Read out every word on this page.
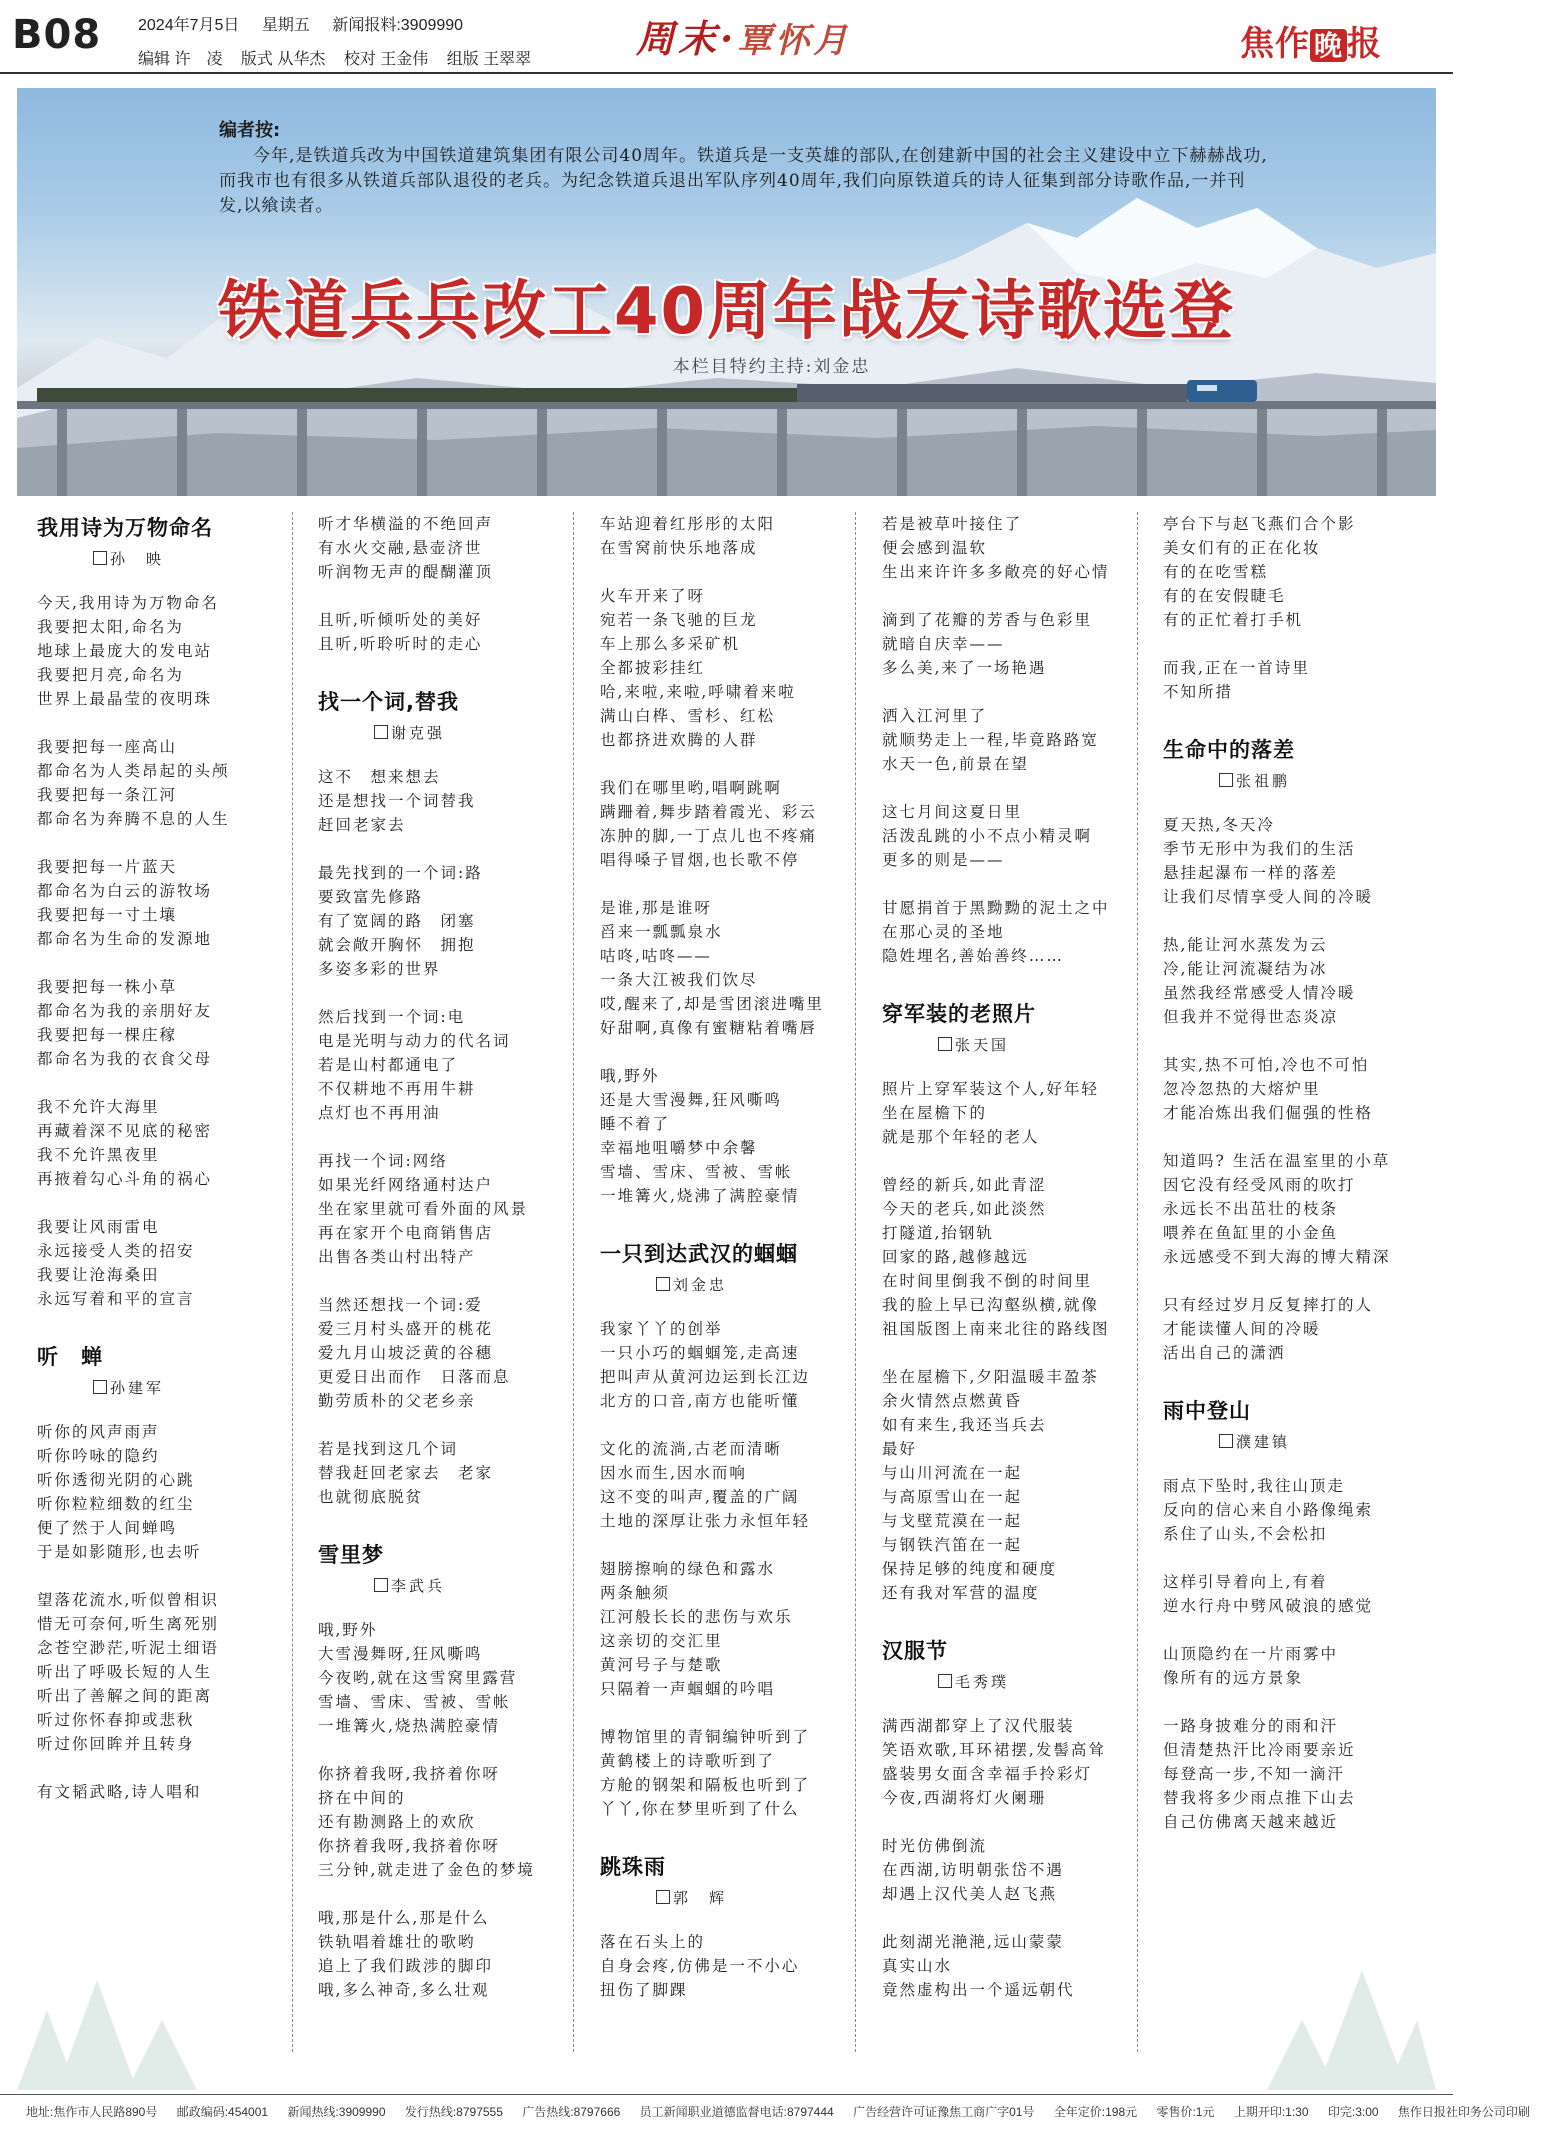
B08 2024年7月5日 星期五 新闻报料:3909990
编辑 许　凌 版式 从华杰 校对 王金伟 组版 王翠翠	周末·覃怀月	焦作 晚 报
编者按:
今年,是铁道兵改为中国铁道建筑集团有限公司40周年。铁道兵是一支英雄的部队,在创建新中国的社会主义建设中立下赫赫战功,而我市也有很多从铁道兵部队退役的老兵。为纪念铁道兵退出军队序列40周年,我们向原铁道兵的诗人征集到部分诗歌作品,一并刊发,以飨读者。
铁道兵兵改工40周年战友诗歌选登
本栏目特约主持:刘金忠
我用诗为万物命名
孙　映
今天,我用诗为万物命名
我要把太阳,命名为
地球上最庞大的发电站
我要把月亮,命名为
世界上最晶莹的夜明珠
我要把每一座高山
都命名为人类昂起的头颅
我要把每一条江河
都命名为奔腾不息的人生
我要把每一片蓝天
都命名为白云的游牧场
我要把每一寸土壤
都命名为生命的发源地
我要把每一株小草
都命名为我的亲朋好友
我要把每一棵庄稼
都命名为我的衣食父母
我不允许大海里
再藏着深不见底的秘密
我不允许黑夜里
再掖着勾心斗角的祸心
我要让风雨雷电
永远接受人类的招安
我要让沧海桑田
永远写着和平的宣言
听　蝉
孙建军
听你的风声雨声
听你吟咏的隐约
听你透彻光阴的心跳
听你粒粒细数的红尘
便了然于人间蝉鸣
于是如影随形,也去听
望落花流水,听似曾相识
惜无可奈何,听生离死别
念苍空渺茫,听泥土细语
听出了呼吸长短的人生
听出了善解之间的距离
听过你怀春抑或悲秋
听过你回眸并且转身
有文韬武略,诗人唱和
听才华横溢的不绝回声
有水火交融,悬壶济世
听润物无声的醍醐灌顶
且听,听倾听处的美好
且听,听聆听时的走心
找一个词,替我
谢克强
这不　想来想去
还是想找一个词替我
赶回老家去
最先找到的一个词:路
要致富先修路
有了宽阔的路　闭塞
就会敞开胸怀　拥抱
多姿多彩的世界
然后找到一个词:电
电是光明与动力的代名词
若是山村都通电了
不仅耕地不再用牛耕
点灯也不再用油
再找一个词:网络
如果光纤网络通村达户
坐在家里就可看外面的风景
再在家开个电商销售店
出售各类山村出特产
当然还想找一个词:爱
爱三月村头盛开的桃花
爱九月山坡泛黄的谷穗
更爱日出而作　日落而息
勤劳质朴的父老乡亲
若是找到这几个词
替我赶回老家去　老家
也就彻底脱贫
雪里梦
李武兵
哦,野外
大雪漫舞呀,狂风嘶鸣
今夜哟,就在这雪窝里露营
雪墙、雪床、雪被、雪帐
一堆篝火,烧热满腔豪情
你挤着我呀,我挤着你呀
挤在中间的
还有勘测路上的欢欣
你挤着我呀,我挤着你呀
三分钟,就走进了金色的梦境
哦,那是什么,那是什么
铁轨唱着雄壮的歌哟
追上了我们跋涉的脚印
哦,多么神奇,多么壮观
车站迎着红彤彤的太阳
在雪窝前快乐地落成
火车开来了呀
宛若一条飞驰的巨龙
车上那么多采矿机
全都披彩挂红
哈,来啦,来啦,呼啸着来啦
满山白桦、雪杉、红松
也都挤进欢腾的人群
我们在哪里哟,唱啊跳啊
蹒跚着,舞步踏着霞光、彩云
冻肿的脚,一丁点儿也不疼痛
唱得嗓子冒烟,也长歌不停
是谁,那是谁呀
舀来一瓢瓢泉水
咕咚,咕咚——
一条大江被我们饮尽
哎,醒来了,却是雪团滚进嘴里
好甜啊,真像有蜜糖粘着嘴唇
哦,野外
还是大雪漫舞,狂风嘶鸣
睡不着了
幸福地咀嚼梦中余馨
雪墙、雪床、雪被、雪帐
一堆篝火,烧沸了满腔豪情
一只到达武汉的蝈蝈
刘金忠
我家丫丫的创举
一只小巧的蝈蝈笼,走高速
把叫声从黄河边运到长江边
北方的口音,南方也能听懂
文化的流淌,古老而清晰
因水而生,因水而响
这不变的叫声,覆盖的广阔
土地的深厚让张力永恒年轻
翅膀擦响的绿色和露水
两条触须
江河般长长的悲伤与欢乐
这亲切的交汇里
黄河号子与楚歌
只隔着一声蝈蝈的吟唱
博物馆里的青铜编钟听到了
黄鹤楼上的诗歌听到了
方舱的钢架和隔板也听到了
丫丫,你在梦里听到了什么
跳珠雨
郭　辉
落在石头上的
自身会疼,仿佛是一不小心
扭伤了脚踝
若是被草叶接住了
便会感到温软
生出来许许多多敞亮的好心情
滴到了花瓣的芳香与色彩里
就暗自庆幸——
多么美,来了一场艳遇
洒入江河里了
就顺势走上一程,毕竟路路宽
水天一色,前景在望
这七月间这夏日里
活泼乱跳的小不点小精灵啊
更多的则是——
甘愿捐首于黑黝黝的泥土之中
在那心灵的圣地
隐姓埋名,善始善终……
穿军装的老照片
张天国
照片上穿军装这个人,好年轻
坐在屋檐下的
就是那个年轻的老人
曾经的新兵,如此青涩
今天的老兵,如此淡然
打隧道,抬钢轨
回家的路,越修越远
在时间里倒我不倒的时间里
我的脸上早已沟壑纵横,就像
祖国版图上南来北往的路线图
坐在屋檐下,夕阳温暖丰盈茶
余火情然点燃黄昏
如有来生,我还当兵去
最好
与山川河流在一起
与高原雪山在一起
与戈壁荒漠在一起
与钢铁汽笛在一起
保持足够的纯度和硬度
还有我对军营的温度
汉服节
毛秀璞
满西湖都穿上了汉代服装
笑语欢歌,耳环裙摆,发髻高耸
盛装男女面含幸福手拎彩灯
今夜,西湖将灯火阑珊
时光仿佛倒流
在西湖,访明朝张岱不遇
却遇上汉代美人赵飞燕
此刻湖光滟滟,远山蒙蒙
真实山水
竟然虚构出一个遥远朝代
亭台下与赵飞燕们合个影
美女们有的正在化妆
有的在吃雪糕
有的在安假睫毛
有的正忙着打手机
而我,正在一首诗里
不知所措
生命中的落差
张祖鹏
夏天热,冬天冷
季节无形中为我们的生活
悬挂起瀑布一样的落差
让我们尽情享受人间的冷暖
热,能让河水蒸发为云
冷,能让河流凝结为冰
虽然我经常感受人情冷暖
但我并不觉得世态炎凉
其实,热不可怕,冷也不可怕
忽冷忽热的大熔炉里
才能冶炼出我们倔强的性格
知道吗? 生活在温室里的小草
因它没有经受风雨的吹打
永远长不出茁壮的枝条
喂养在鱼缸里的小金鱼
永远感受不到大海的博大精深
只有经过岁月反复摔打的人
才能读懂人间的冷暖
活出自己的潇洒
雨中登山
濮建镇
雨点下坠时,我往山顶走
反向的信心来自小路像绳索
系住了山头,不会松扣
这样引导着向上,有着
逆水行舟中劈风破浪的感觉
山顶隐约在一片雨雾中
像所有的远方景象
一路身披难分的雨和汗
但清楚热汗比冷雨要亲近
每登高一步,不知一滴汗
替我将多少雨点推下山去
自己仿佛离天越来越近
地址:焦作市人民路890号 邮政编码:454001 新闻热线:3909990 发行热线:8797555 广告热线:8797666 员工新闻职业道德监督电话:8797444 广告经营许可证豫焦工商广字01号 全年定价:198元 零售价:1元 上期开印:1:30 印完:3:00 焦作日报社印务公司印刷
